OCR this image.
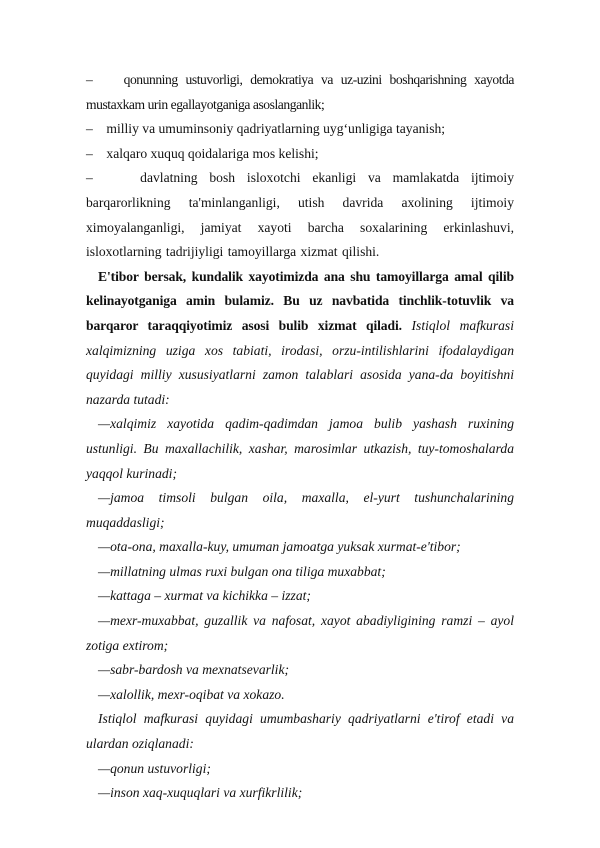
–    qonunning ustuvorligi, demokratiya va uz-uzini boshqarishning xayotda mustaxkam urin egallayotganiga asoslanganlik;

–    milliy va umuminsoniy qadriyatlarning uyg‘unligiga tayanish;

–    xalqaro xuquq qoidalariga mos kelishi;

–    davlatning bosh isloxotchi ekanligi va mamlakatda ijtimoiy barqarorlikning ta'minlanganligi, utish davrida axolining ijtimoiy ximoyalanganligi, jamiyat xayoti barcha soxalarining erkinlashuvi, isloxotlarning tadrijiyligi tamoyillarga xizmat qilishi.

E'tibor bersak, kundalik xayotimizda ana shu tamoyillarga amal qilib kelinayotganiga amin bulamiz. Bu uz navbatida tinchlik-totuvlik va barqaror taraqqiyotimiz asosi bulib xizmat qiladi. Istiqlol mafkurasi xalqimizning uziga xos tabiati, irodasi, orzu-intilishlarini ifodalaydigan quyidagi milliy xususiyatlarni zamon talablari asosida yana-da boyitishni nazarda tutadi:

—xalqimiz xayotida qadim-qadimdan jamoa bulib yashash ruxining ustunligi. Bu maxallachilik, xashar, marosimlar utkazish, tuy-tomoshalarda yaqqol kurinadi;

—jamoa timsoli bulgan oila, maxalla, el-yurt tushunchalarining muqaddasligi;

—ota-ona, maxalla-kuy, umuman jamoatga yuksak xurmat-e'tibor;

—millatning ulmas ruxi bulgan ona tiliga muxabbat;

—kattaga – xurmat va kichikka – izzat;

—mexr-muxabbat, guzallik va nafosat, xayot abadiyligining ramzi – ayol zotiga extirom;

—sabr-bardosh va mexnatsevarlik;

—xalollik, mexr-oqibat va xokazo.

Istiqlol mafkurasi quyidagi umumbashariy qadriyatlarni e'tirof etadi va ulardan oziqlanadi:

—qonun ustuvorligi;

—inson xaq-xuquqlari va xurfikrlilik;
